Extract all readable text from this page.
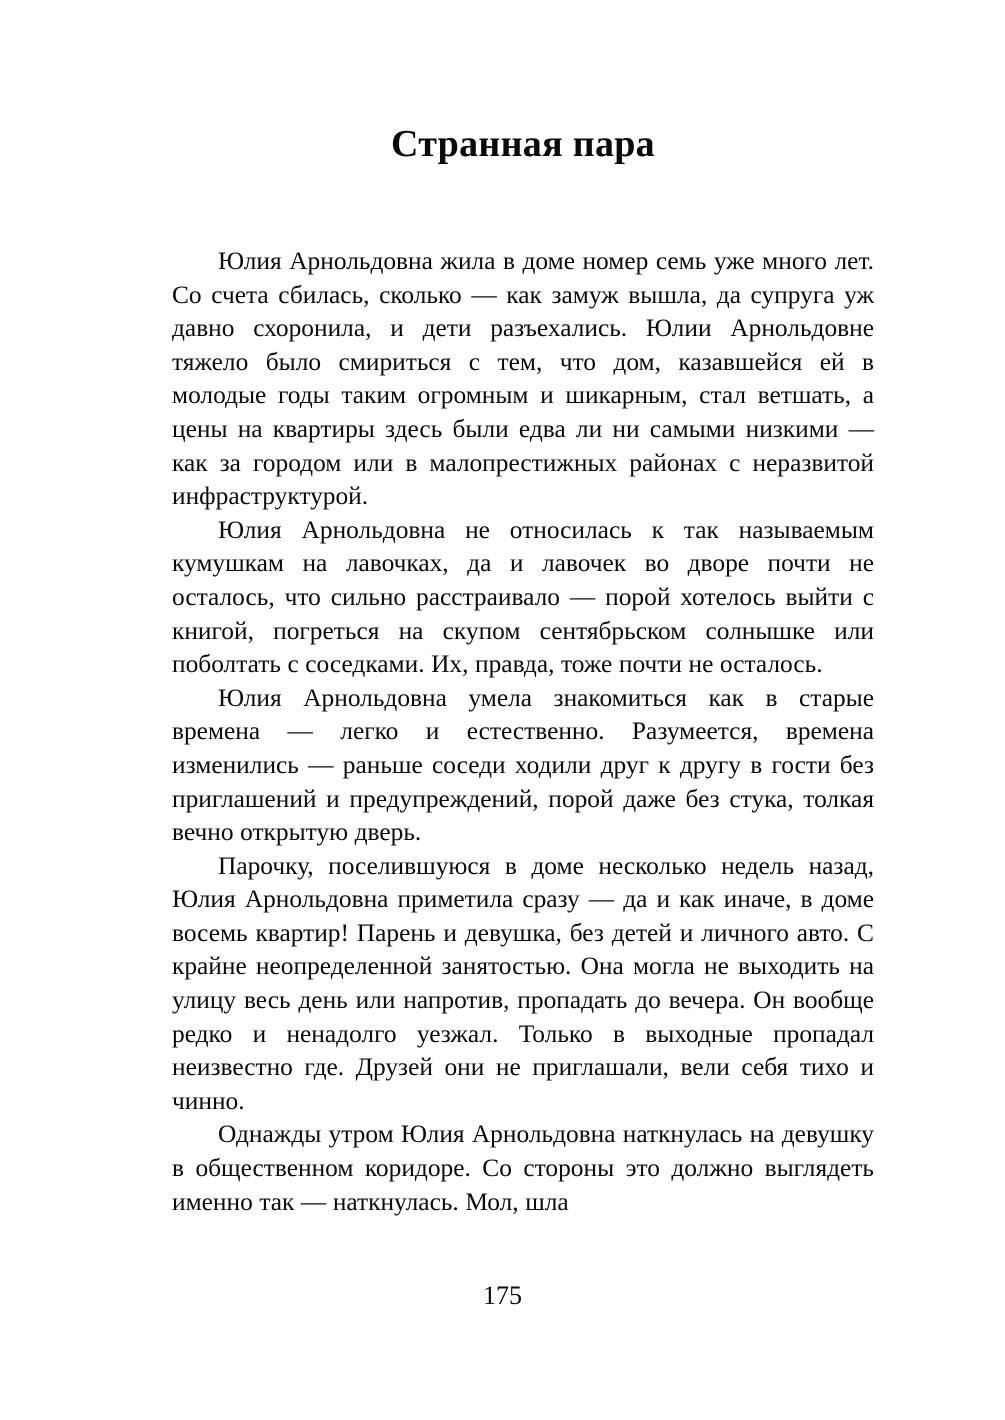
Странная пара

Юлия Арнольдовна жила в доме номер семь уже много лет. Со счета сбилась, сколько — как замуж вышла, да супруга уж давно схоронила, и дети разъехались. Юлии Арнольдовне тяжело было смириться с тем, что дом, казавшейся ей в молодые годы таким огромным и шикарным, стал ветшать, а цены на квартиры здесь были едва ли ни самыми низкими — как за городом или в малопрестижных районах с неразвитой инфраструктурой.

Юлия Арнольдовна не относилась к так называемым кумушкам на лавочках, да и лавочек во дворе почти не осталось, что сильно расстраивало — порой хотелось выйти с книгой, погреться на скупом сентябрьском солнышке или поболтать с соседками. Их, правда, тоже почти не осталось.

Юлия Арнольдовна умела знакомиться как в старые времена — легко и естественно. Разумеется, времена изменились — раньше соседи ходили друг к другу в гости без приглашений и предупреждений, порой даже без стука, толкая вечно открытую дверь.

Парочку, поселившуюся в доме несколько недель назад, Юлия Арнольдовна приметила сразу — да и как иначе, в доме восемь квартир! Парень и девушка, без детей и личного авто. С крайне неопределенной занятостью. Она могла не выходить на улицу весь день или напротив, пропадать до вечера. Он вообще редко и ненадолго уезжал. Только в выходные пропадал неизвестно где. Друзей они не приглашали, вели себя тихо и чинно.

Однажды утром Юлия Арнольдовна наткнулась на девушку в общественном коридоре. Со стороны это должно выглядеть именно так — наткнулась. Мол, шла

175
